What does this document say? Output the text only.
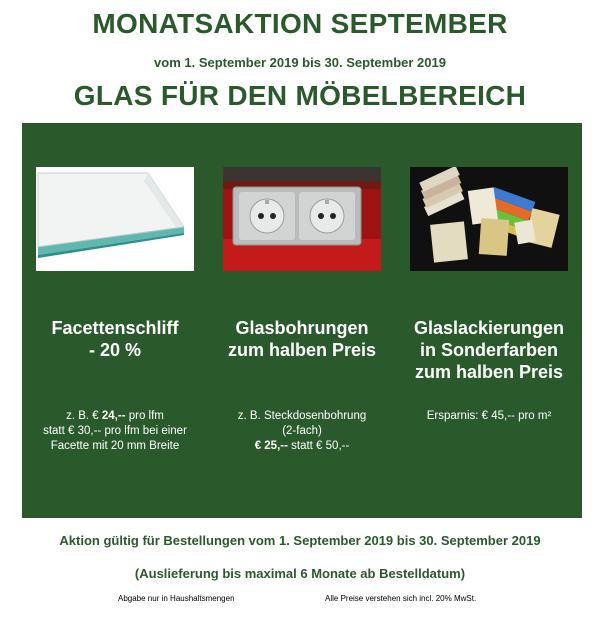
MONATSAKTION SEPTEMBER
vom 1. September 2019 bis 30. September 2019
GLAS FÜR DEN MÖBELBEREICH
Facettenschliff
- 20 %
z. B. € 24,-- pro lfm
statt € 30,-- pro lfm bei einer
Facette mit 20 mm Breite
Glasbohrungen
zum halben Preis
z. B. Steckdosenbohrung
(2-fach)
€ 25,-- statt € 50,--
Glaslackierungen
in Sonderfarben
zum halben Preis
Ersparnis: € 45,-- pro m²
Aktion gültig für Bestellungen vom 1. September 2019 bis 30. September 2019
(Auslieferung bis maximal 6 Monate ab Bestelldatum)
Abgabe nur in Haushaltsmengen	Alle Preise verstehen sich incl. 20% MwSt.
